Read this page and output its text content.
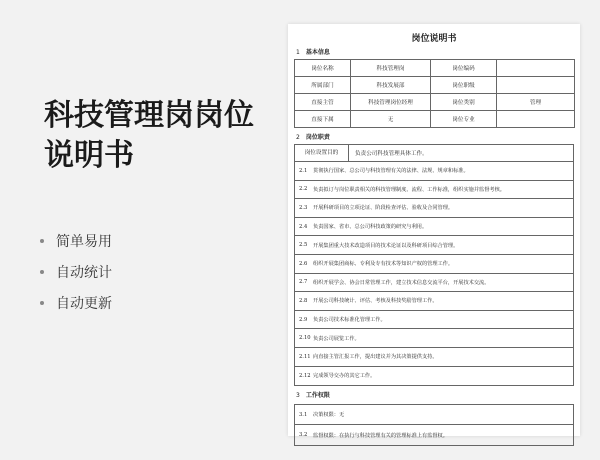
科技管理岗岗位说明书
简单易用
自动统计
自动更新
岗位说明书
1 基本信息
岗位名称	科技管理岗	岗位编码	
所属部门	科技发展部	岗位职级	
直接主管	科技管理岗位经理	岗位类别	管理
直接下属	无	岗位专业	
2 岗位职责
岗位设置目的	负责公司科技管理具体工作。
2.1	贯彻执行国家、总公司与科技管理有关的法律、法规、规章和标准。
2.2	负责拟订与岗位职责相关的科技管理制度、流程、工作标准，组织实施并监督考核。
2.3	开展科研项目的立项论证、阶段检查评估、验收及合同管理。
2.4	负责国家、省市、总公司科技政策的研究与利用。
2.5	开展集团重大技术改造项目的技术论证以及科研项目综合管理。
2.6	组织开展集团商标、专利及专有技术等知识产权的管理工作。
2.7	组织开展学会、协会日常管理工作，建立技术信息交流平台，开展技术交流。
2.8	开展公司科技统计、评估、考核及科技奖励管理工作。
2.9	负责公司技术标准化管理工作。
2.10 负责公司展览工作。
2.11 向直接主管汇报工作，提出建议并为其决策提供支持。
2.12 完成领导交办的其它工作。
3 工作权限
3.1	决策权限：无
3.2	监督权限：在执行与科技管理有关的管理标准上有监督权。
